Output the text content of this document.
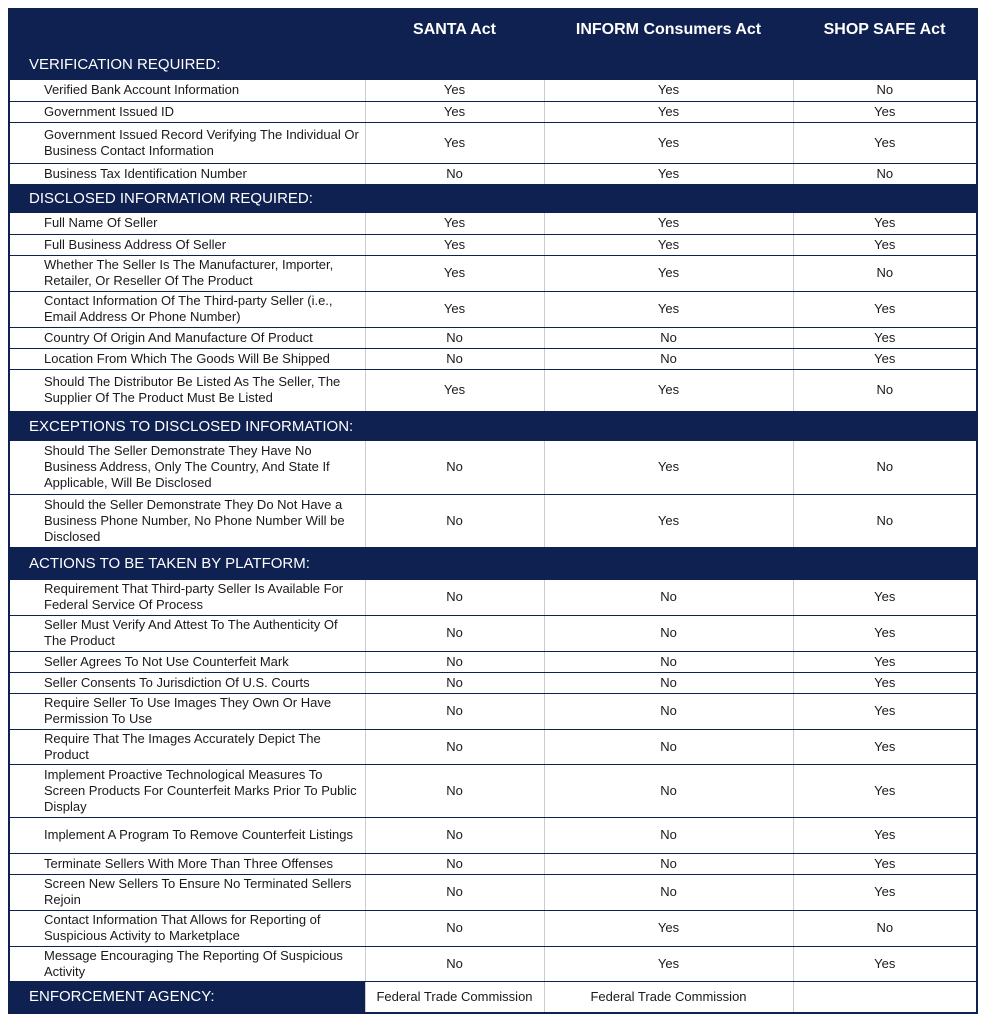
	SANTA Act	INFORM Consumers Act	SHOP SAFE Act
VERIFICATION REQUIRED:			
Verified Bank Account Information	Yes	Yes	No
Government Issued ID	Yes	Yes	Yes
Government Issued Record Verifying The Individual Or Business Contact Information	Yes	Yes	Yes
Business Tax Identification Number	No	Yes	No
DISCLOSED INFORMATIOM REQUIRED:			
Full Name Of Seller	Yes	Yes	Yes
Full Business Address Of Seller	Yes	Yes	Yes
Whether The Seller Is The Manufacturer, Importer, Retailer, Or Reseller Of The Product	Yes	Yes	No
Contact Information Of The Third-party Seller (i.e., Email Address Or Phone Number)	Yes	Yes	Yes
Country Of Origin And Manufacture Of Product	No	No	Yes
Location From Which The Goods Will Be Shipped	No	No	Yes
Should The Distributor Be Listed As The Seller, The Supplier Of The Product Must Be Listed	Yes	Yes	No
EXCEPTIONS TO DISCLOSED INFORMATION:			
Should The Seller Demonstrate They Have No Business Address, Only The Country, And State If Applicable, Will Be Disclosed	No	Yes	No
Should the Seller Demonstrate They Do Not Have a Business Phone Number, No Phone Number Will be Disclosed	No	Yes	No
ACTIONS TO BE TAKEN BY PLATFORM:			
Requirement That Third-party Seller Is Available For Federal Service Of Process	No	No	Yes
Seller Must Verify And Attest To The Authenticity Of The Product	No	No	Yes
Seller Agrees To Not Use Counterfeit Mark	No	No	Yes
Seller Consents To Jurisdiction Of U.S. Courts	No	No	Yes
Require Seller To Use Images They Own Or Have Permission To Use	No	No	Yes
Require That The Images Accurately Depict The Product	No	No	Yes
Implement Proactive Technological Measures To Screen Products For Counterfeit Marks Prior To Public Display	No	No	Yes
Implement A Program To Remove Counterfeit Listings	No	No	Yes
Terminate Sellers With More Than Three Offenses	No	No	Yes
Screen New Sellers To Ensure No Terminated Sellers Rejoin	No	No	Yes
Contact Information That Allows for Reporting of Suspicious Activity to Marketplace	No	Yes	No
Message Encouraging The Reporting Of Suspicious Activity	No	Yes	Yes
ENFORCEMENT AGENCY:	Federal Trade Commission	Federal Trade Commission	
